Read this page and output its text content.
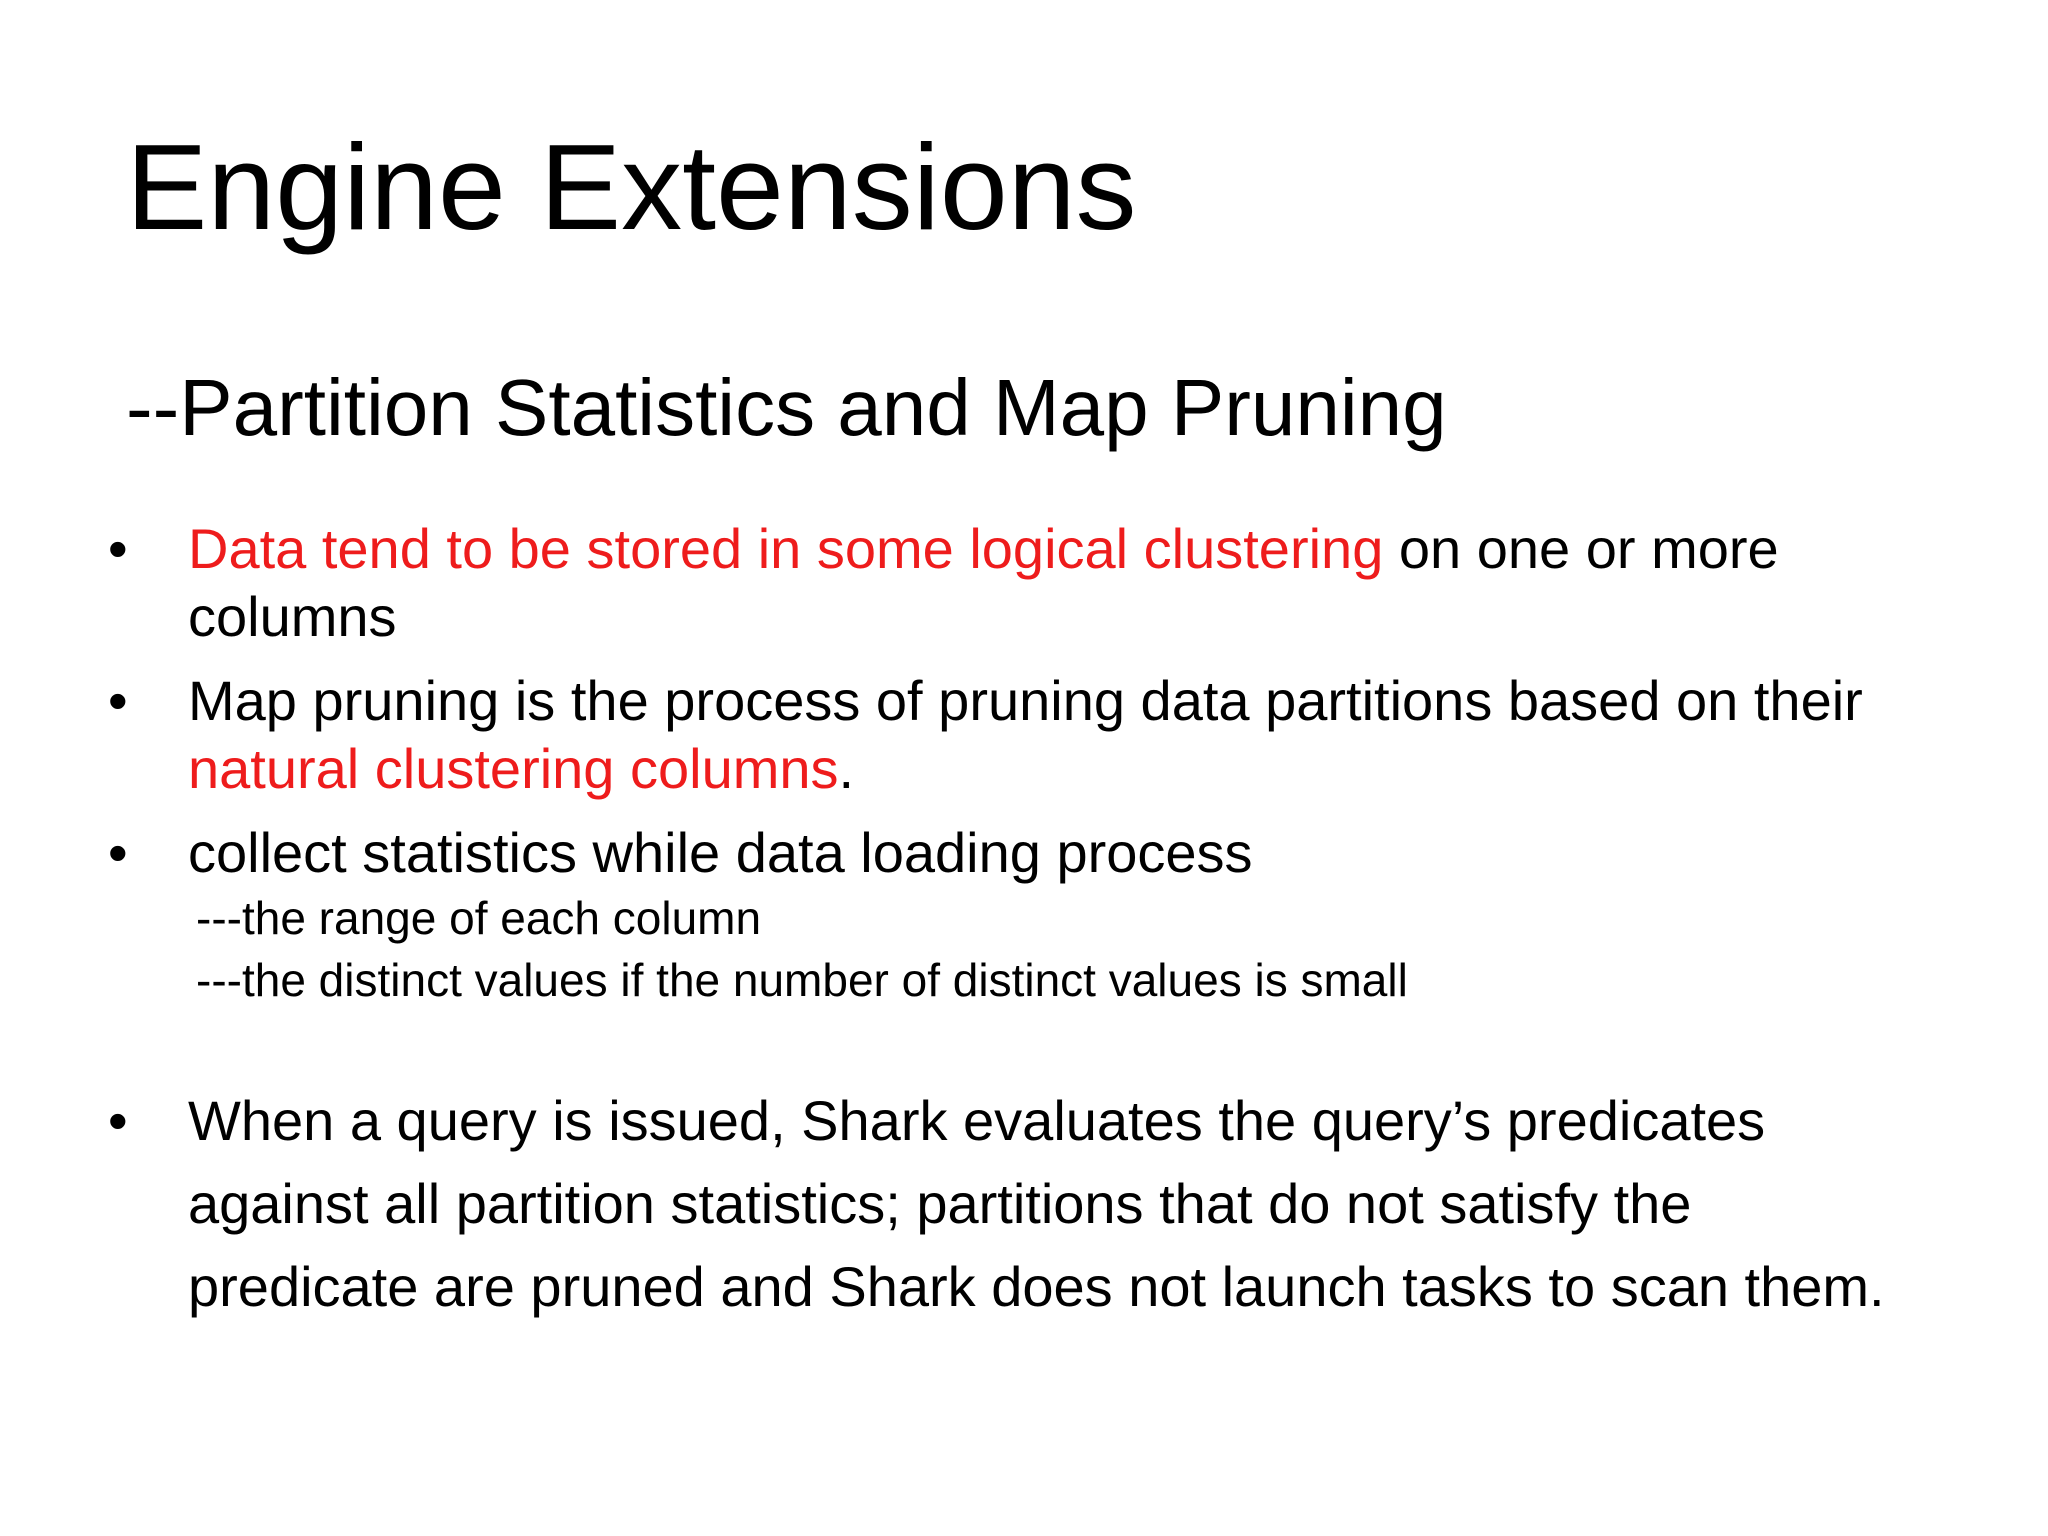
Engine Extensions
--Partition Statistics and Map Pruning
•	Data tend to be stored in some logical clustering on one or more columns
•	Map pruning is the process of pruning data partitions based on their natural clustering columns.
•	collect statistics while data loading process
---the range of each column
---the distinct values if the number of distinct values is small
•	When a query is issued, Shark evaluates the query’s predicates against all partition statistics; partitions that do not satisfy the predicate are pruned and Shark does not launch tasks to scan them.
